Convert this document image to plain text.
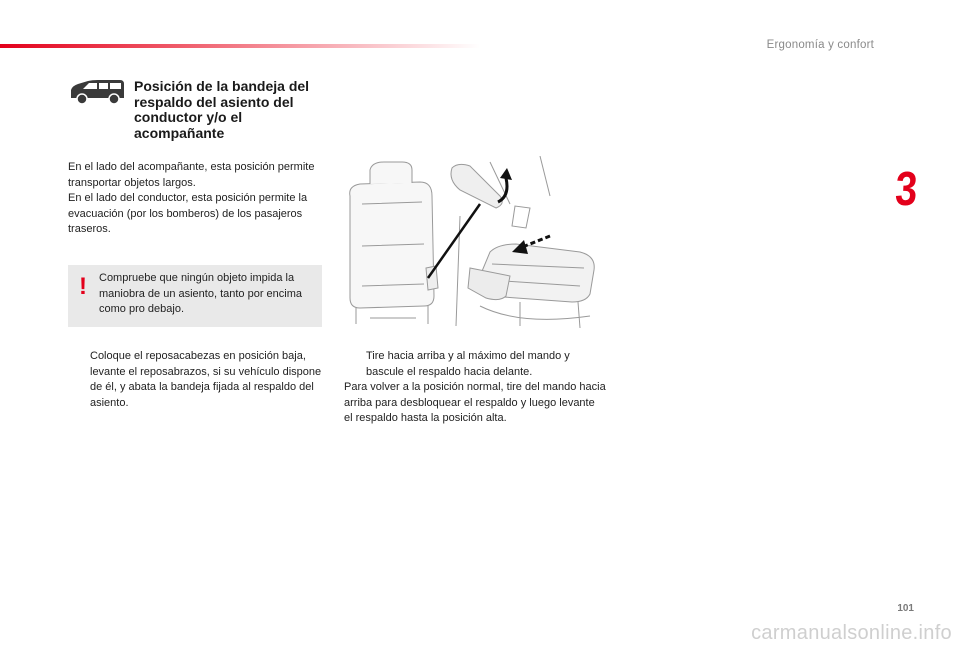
Ergonomía y confort
3
Posición de la bandeja del respaldo del asiento del conductor y/o el acompañante
En el lado del acompañante, esta posición permite transportar objetos largos.
En el lado del conductor, esta posición permite la evacuación (por los bomberos) de los pasajeros traseros.
! Compruebe que ningún objeto impida la maniobra de un asiento, tanto por encima como pro debajo.

Coloque el reposacabezas en posición baja, levante el reposabrazos, si su vehículo dispone de él, y abata la bandeja fijada al respaldo del asiento.
Tire hacia arriba y al máximo del mando y bascule el respaldo hacia delante.

Para volver a la posición normal, tire del mando hacia arriba para desbloquear el respaldo y luego levante el respaldo hasta la posición alta.

101
carmanualsonline.info
